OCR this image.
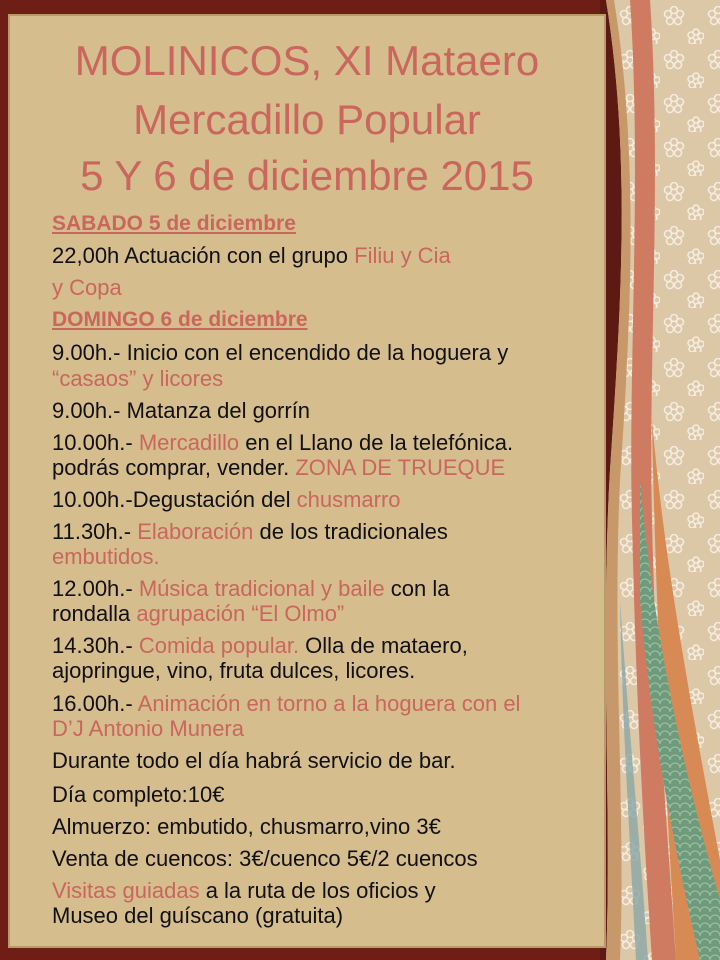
MOLINICOS, XI Mataero
Mercadillo Popular
5 Y 6 de diciembre 2015
SABADO 5 de diciembre
22,00h Actuación con el grupo Filiu y Cia
y Copa
DOMINGO 6 de diciembre
9.00h.- Inicio con el encendido de la hoguera y
“casaos” y licores
9.00h.- Matanza del gorrín
10.00h.- Mercadillo en el Llano de la telefónica.
podrás comprar, vender. ZONA DE TRUEQUE
10.00h.-Degustación del chusmarro
11.30h.- Elaboración de los tradicionales
embutidos.
12.00h.- Música tradicional y baile con la
rondalla agrupación “El Olmo”
14.30h.- Comida popular. Olla de mataero,
ajopringue, vino, fruta dulces, licores.
16.00h.- Animación en torno a la hoguera con el
D’J Antonio Munera
Durante todo el día habrá servicio de bar.
Día completo:10€
Almuerzo: embutido, chusmarro,vino 3€
Venta de cuencos: 3€/cuenco 5€/2 cuencos
Visitas guiadas a la ruta de los oficios y
Museo del guíscano (gratuita)
